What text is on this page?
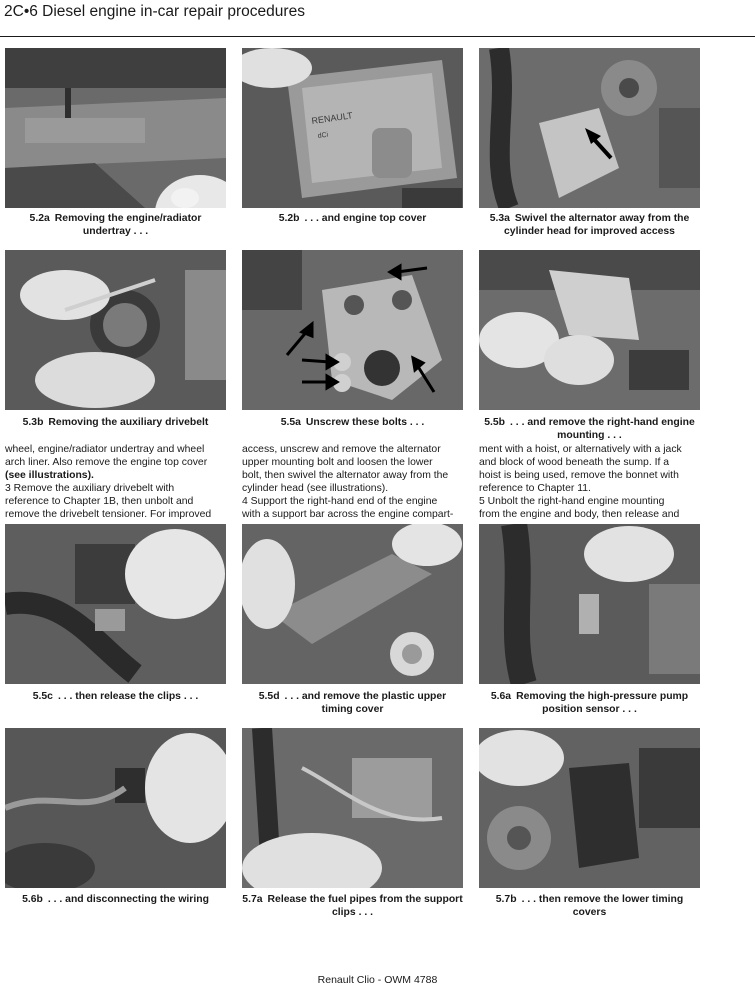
2C•6 Diesel engine in-car repair procedures
RENAULT
dCi
5.2a Removing the engine/radiator undertray . . .
5.2b . . . and engine top cover	5.3a Swivel the alternator away from the cylinder head for improved access
5.3b Removing the auxiliary drivebelt	5.5a Unscrew these bolts . . .	5.5b . . . and remove the right-hand engine mounting . . .
wheel, engine/radiator undertray and wheel
arch liner. Also remove the engine top cover
(see illustrations).
3 Remove the auxiliary drivebelt with
reference to Chapter 1B, then unbolt and
remove the drivebelt tensioner. For improved
access, unscrew and remove the alternator
upper mounting bolt and loosen the lower
bolt, then swivel the alternator away from the
cylinder head (see illustrations).
4 Support the right-hand end of the engine
with a support bar across the engine compart-
ment with a hoist, or alternatively with a jack
and block of wood beneath the sump. If a
hoist is being used, remove the bonnet with
reference to Chapter 11.
5 Unbolt the right-hand engine mounting
from the engine and body, then release and
5.5c . . . then release the clips . . .	5.5d . . . and remove the plastic upper timing cover
5.6a Removing the high-pressure pump position sensor . . .
5.6b . . . and disconnecting the wiring	5.7a Release the fuel pipes from the support clips . . .
5.7b . . . then remove the lower timing covers
Renault Clio - OWM 4788
